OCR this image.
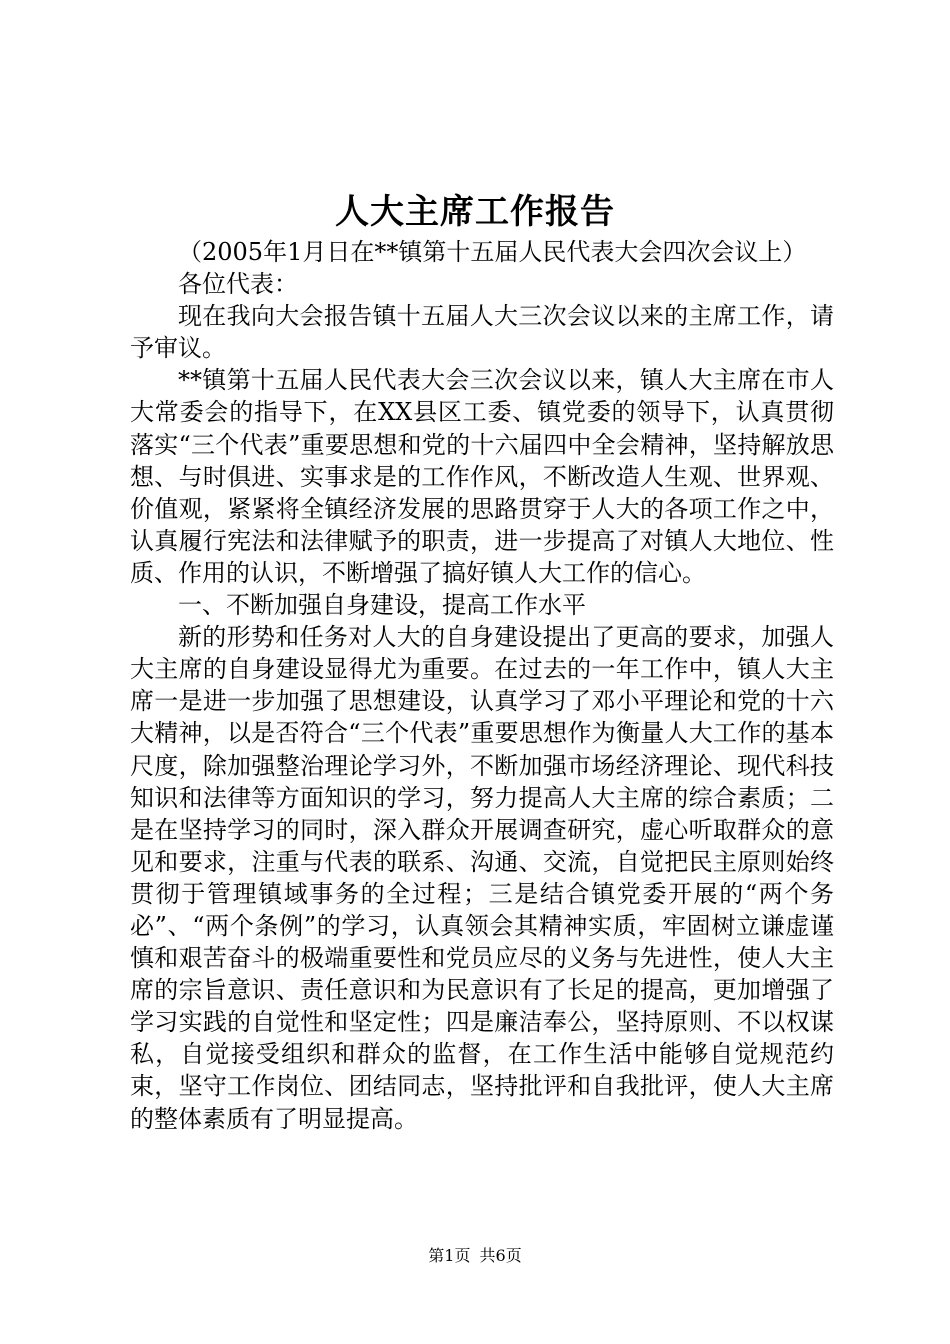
人大主席工作报告

（2005年1月日在**镇第十五届人民代表大会四次会议上）

各位代表：

现在我向大会报告镇十五届人大三次会议以来的主席工作，请予审议。

**镇第十五届人民代表大会三次会议以来，镇人大主席在市人大常委会的指导下，在XX县区工委、镇党委的领导下，认真贯彻落实“三个代表”重要思想和党的十六届四中全会精神，坚持解放思想、与时俱进、实事求是的工作作风，不断改造人生观、世界观、价值观，紧紧将全镇经济发展的思路贯穿于人大的各项工作之中，认真履行宪法和法律赋予的职责，进一步提高了对镇人大地位、性质、作用的认识，不断增强了搞好镇人大工作的信心。

一、不断加强自身建设，提高工作水平

新的形势和任务对人大的自身建设提出了更高的要求，加强人大主席的自身建设显得尤为重要。在过去的一年工作中，镇人大主席一是进一步加强了思想建设，认真学习了邓小平理论和党的十六大精神，以是否符合“三个代表”重要思想作为衡量人大工作的基本尺度，除加强整治理论学习外，不断加强市场经济理论、现代科技知识和法律等方面知识的学习，努力提高人大主席的综合素质；二是在坚持学习的同时，深入群众开展调查研究，虚心听取群众的意见和要求，注重与代表的联系、沟通、交流，自觉把民主原则始终贯彻于管理镇域事务的全过程；三是结合镇党委开展的“两个务必”、“两个条例”的学习，认真领会其精神实质，牢固树立谦虚谨慎和艰苦奋斗的极端重要性和党员应尽的义务与先进性，使人大主席的宗旨意识、责任意识和为民意识有了长足的提高，更加增强了学习实践的自觉性和坚定性；四是廉洁奉公，坚持原则、不以权谋私，自觉接受组织和群众的监督，在工作生活中能够自觉规范约束，坚守工作岗位、团结同志，坚持批评和自我批评，使人大主席的整体素质有了明显提高。

第1页 共6页
